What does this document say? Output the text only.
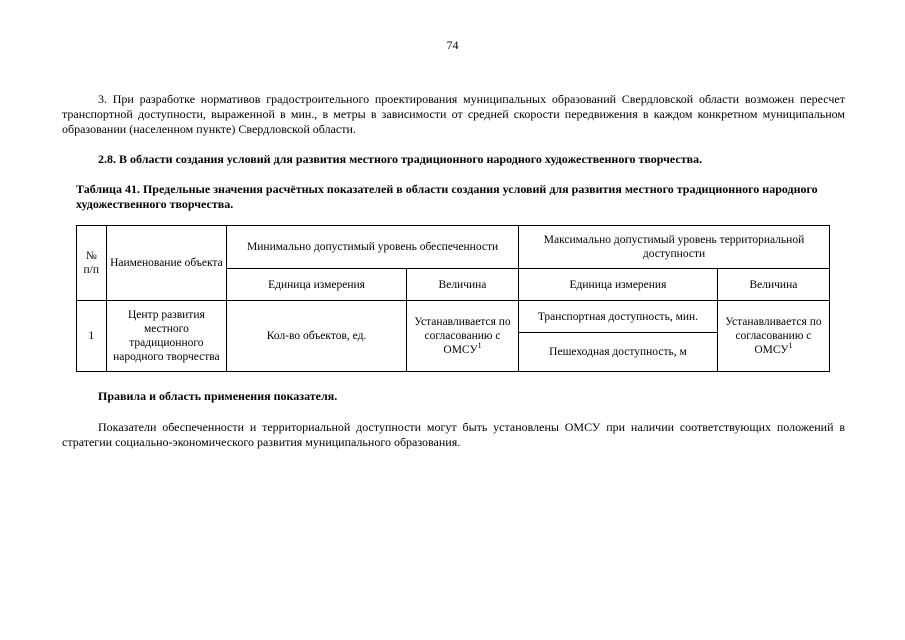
74

3. При разработке нормативов градостроительного проектирования муниципальных образований Свердловской области возможен пересчет транспортной доступности, выраженной в мин., в метры в зависимости от средней скорости передвижения в каждом конкретном муниципальном образовании (населенном пункте) Свердловской области.

2.8. В области создания условий для развития местного традиционного народного художественного творчества.

Таблица 41. Предельные значения расчётных показателей в области создания условий для развития местного традиционного народного художественного творчества.

№ п/п	Наименование объекта	Минимально допустимый уровень обеспеченности		Максимально допустимый уровень территориальной доступности	
		Единица измерения	Величина	Единица измерения	Величина
1	Центр развития местного традиционного народного творчества	Кол-во объектов, ед.	Устанавливается по согласованию с ОМСУ$^1$	Транспортная доступность, мин.	Устанавливается по согласованию с ОМСУ$^1$
				Пешеходная доступность, м	

Правила и область применения показателя.

Показатели обеспеченности и территориальной доступности могут быть установлены ОМСУ при наличии соответствующих положений в стратегии социально-экономического развития муниципального образования.
